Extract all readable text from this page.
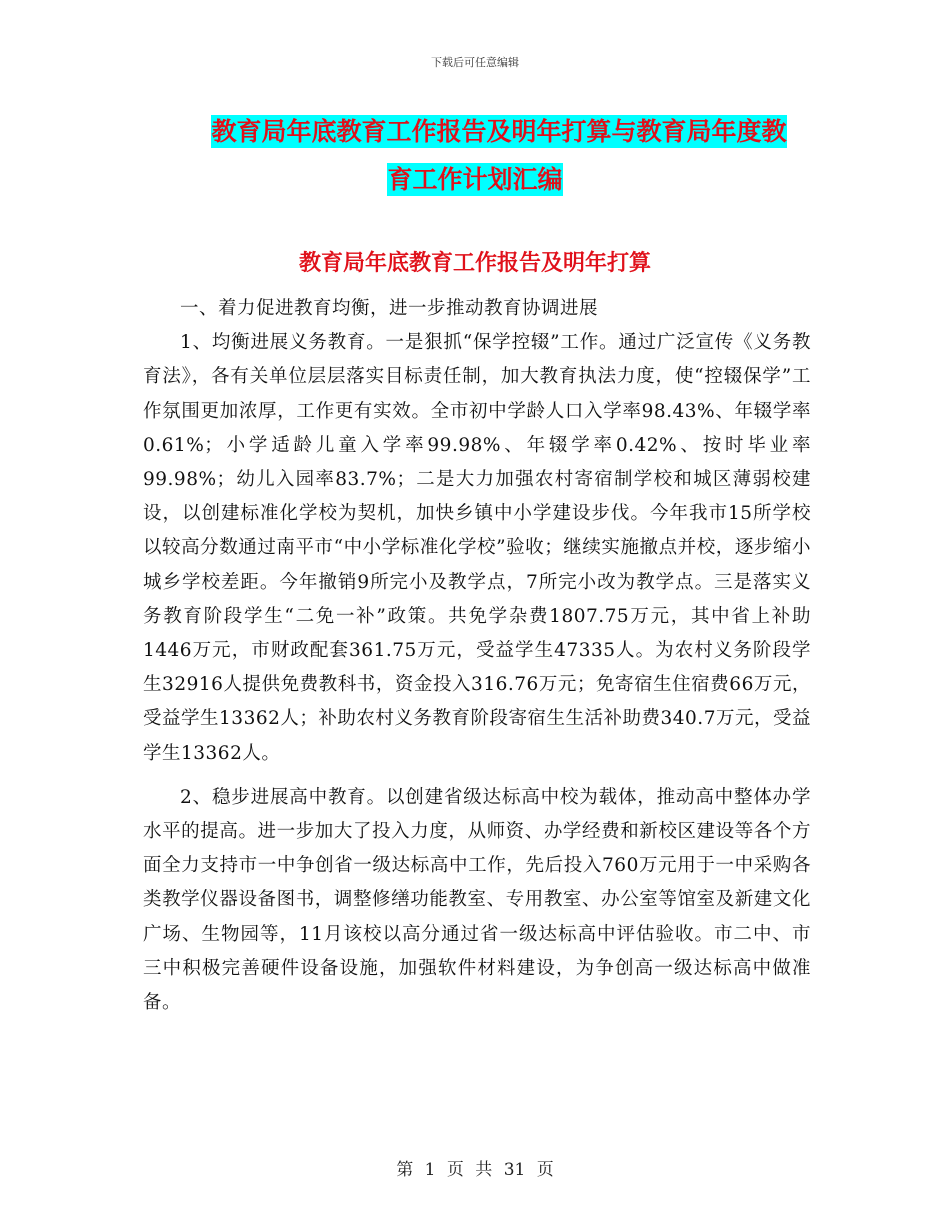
下载后可任意编辑
教育局年底教育工作报告及明年打算与教育局年度教
育工作计划汇编
教育局年底教育工作报告及明年打算

一、着力促进教育均衡，进一步推动教育协调进展

1、均衡进展义务教育。一是狠抓“保学控辍”工作。通过广泛宣传《义务教育法》，各有关单位层层落实目标责任制，加大教育执法力度，使“控辍保学”工作氛围更加浓厚，工作更有实效。全市初中学龄人口入学率98.43%、年辍学率0.61%；小学适龄儿童入学率99.98%、年辍学率0.42%、按时毕业率99.98%；幼儿入园率83.7%；二是大力加强农村寄宿制学校和城区薄弱校建设，以创建标准化学校为契机，加快乡镇中小学建设步伐。今年我市15所学校以较高分数通过南平市“中小学标准化学校”验收；继续实施撤点并校，逐步缩小城乡学校差距。今年撤销9所完小及教学点，7所完小改为教学点。三是落实义务教育阶段学生“二免一补”政策。共免学杂费1807.75万元，其中省上补助1446万元，市财政配套361.75万元，受益学生47335人。为农村义务阶段学生32916人提供免费教科书，资金投入316.76万元；免寄宿生住宿费66万元，受益学生13362人；补助农村义务教育阶段寄宿生生活补助费340.7万元，受益学生13362人。

2、稳步进展高中教育。以创建省级达标高中校为载体，推动高中整体办学水平的提高。进一步加大了投入力度，从师资、办学经费和新校区建设等各个方面全力支持市一中争创省一级达标高中工作，先后投入760万元用于一中采购各类教学仪器设备图书，调整修缮功能教室、专用教室、办公室等馆室及新建文化广场、生物园等，11月该校以高分通过省一级达标高中评估验收。市二中、市三中积极完善硬件设备设施，加强软件材料建设，为争创高一级达标高中做准备。

第 1 页 共 31 页
